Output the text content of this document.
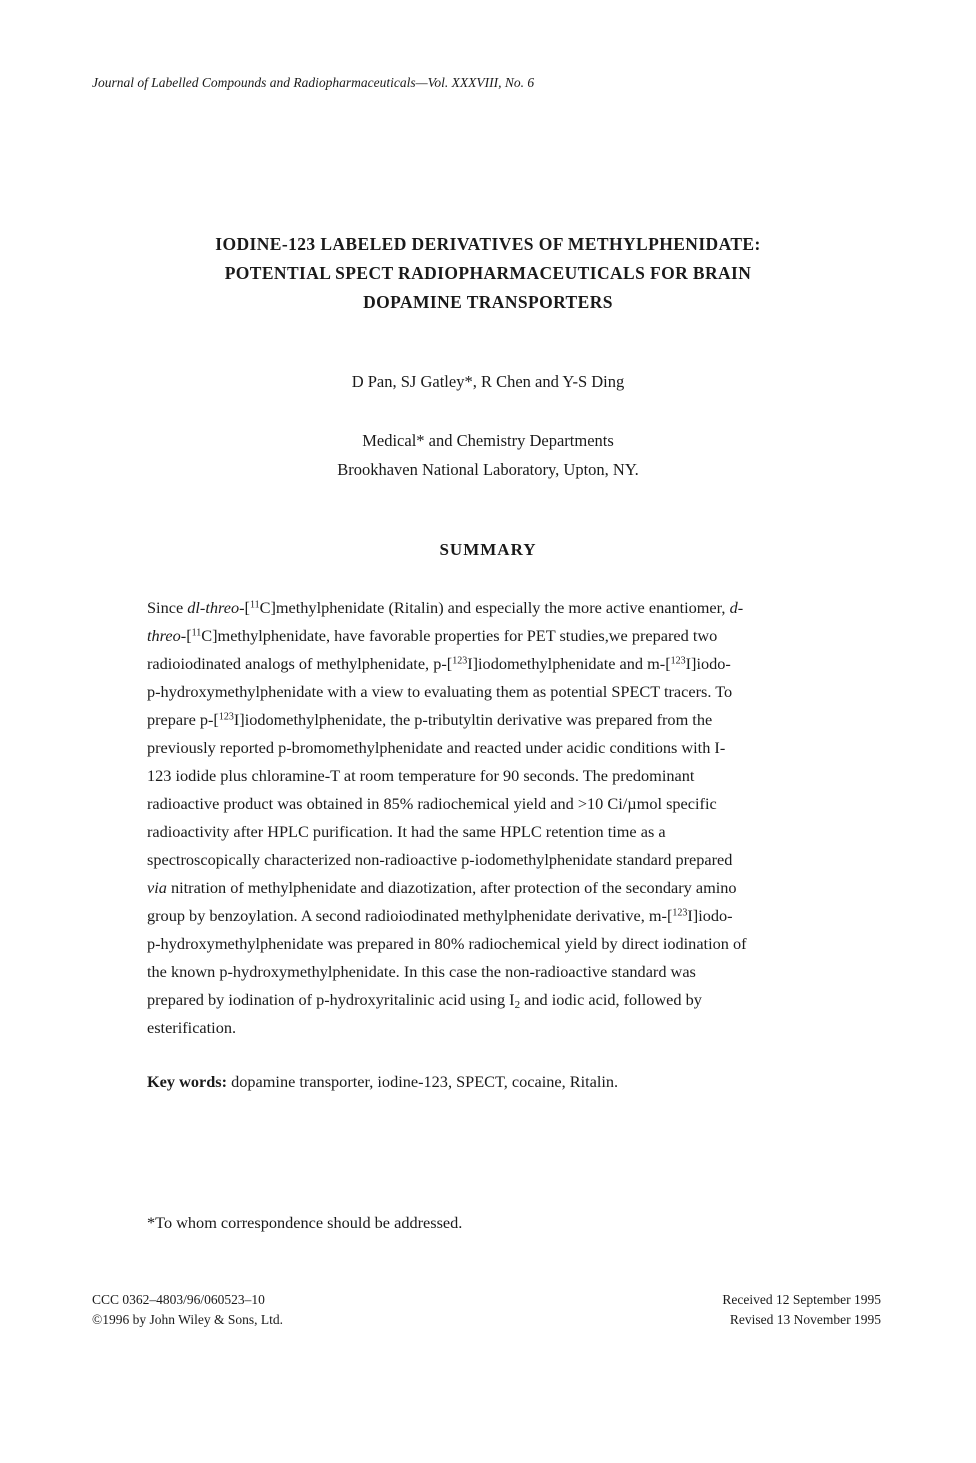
Journal of Labelled Compounds and Radiopharmaceuticals—Vol. XXXVIII, No. 6
IODINE-123 LABELED DERIVATIVES OF METHYLPHENIDATE:
POTENTIAL SPECT RADIOPHARMACEUTICALS FOR BRAIN
DOPAMINE TRANSPORTERS
D Pan, SJ Gatley*, R Chen and Y-S Ding
Medical* and Chemistry Departments
Brookhaven National Laboratory, Upton, NY.
SUMMARY
Since dl-threo-[$^{11}$C]methylphenidate (Ritalin) and especially the more active enantiomer, d-
threo-[$^{11}$C]methylphenidate, have favorable properties for PET studies,we prepared two
radioiodinated analogs of methylphenidate, p-[$^{123}$I]iodomethylphenidate and m-[$^{123}$I]iodo-
p-hydroxymethylphenidate with a view to evaluating them as potential SPECT tracers. To
prepare p-[$^{123}$I]iodomethylphenidate, the p-tributyltin derivative was prepared from the
previously reported p-bromomethylphenidate and reacted under acidic conditions with I-
123 iodide plus chloramine-T at room temperature for 90 seconds. The predominant
radioactive product was obtained in 85% radiochemical yield and >10 Ci/µmol specific
radioactivity after HPLC purification. It had the same HPLC retention time as a
spectroscopically characterized non-radioactive p-iodomethylphenidate standard prepared
via nitration of methylphenidate and diazotization, after protection of the secondary amino
group by benzoylation. A second radioiodinated methylphenidate derivative, m-[$^{123}$I]iodo-
p-hydroxymethylphenidate was prepared in 80% radiochemical yield by direct iodination of
the known p-hydroxymethylphenidate. In this case the non-radioactive standard was
prepared by iodination of p-hydroxyritalinic acid using $I_2$ and iodic acid, followed by
esterification.
Key words: dopamine transporter, iodine-123, SPECT, cocaine, Ritalin.
*To whom correspondence should be addressed.
CCC 0362–4803/96/060523–10
©1996 by John Wiley & Sons, Ltd.
Received 12 September 1995
Revised 13 November 1995
